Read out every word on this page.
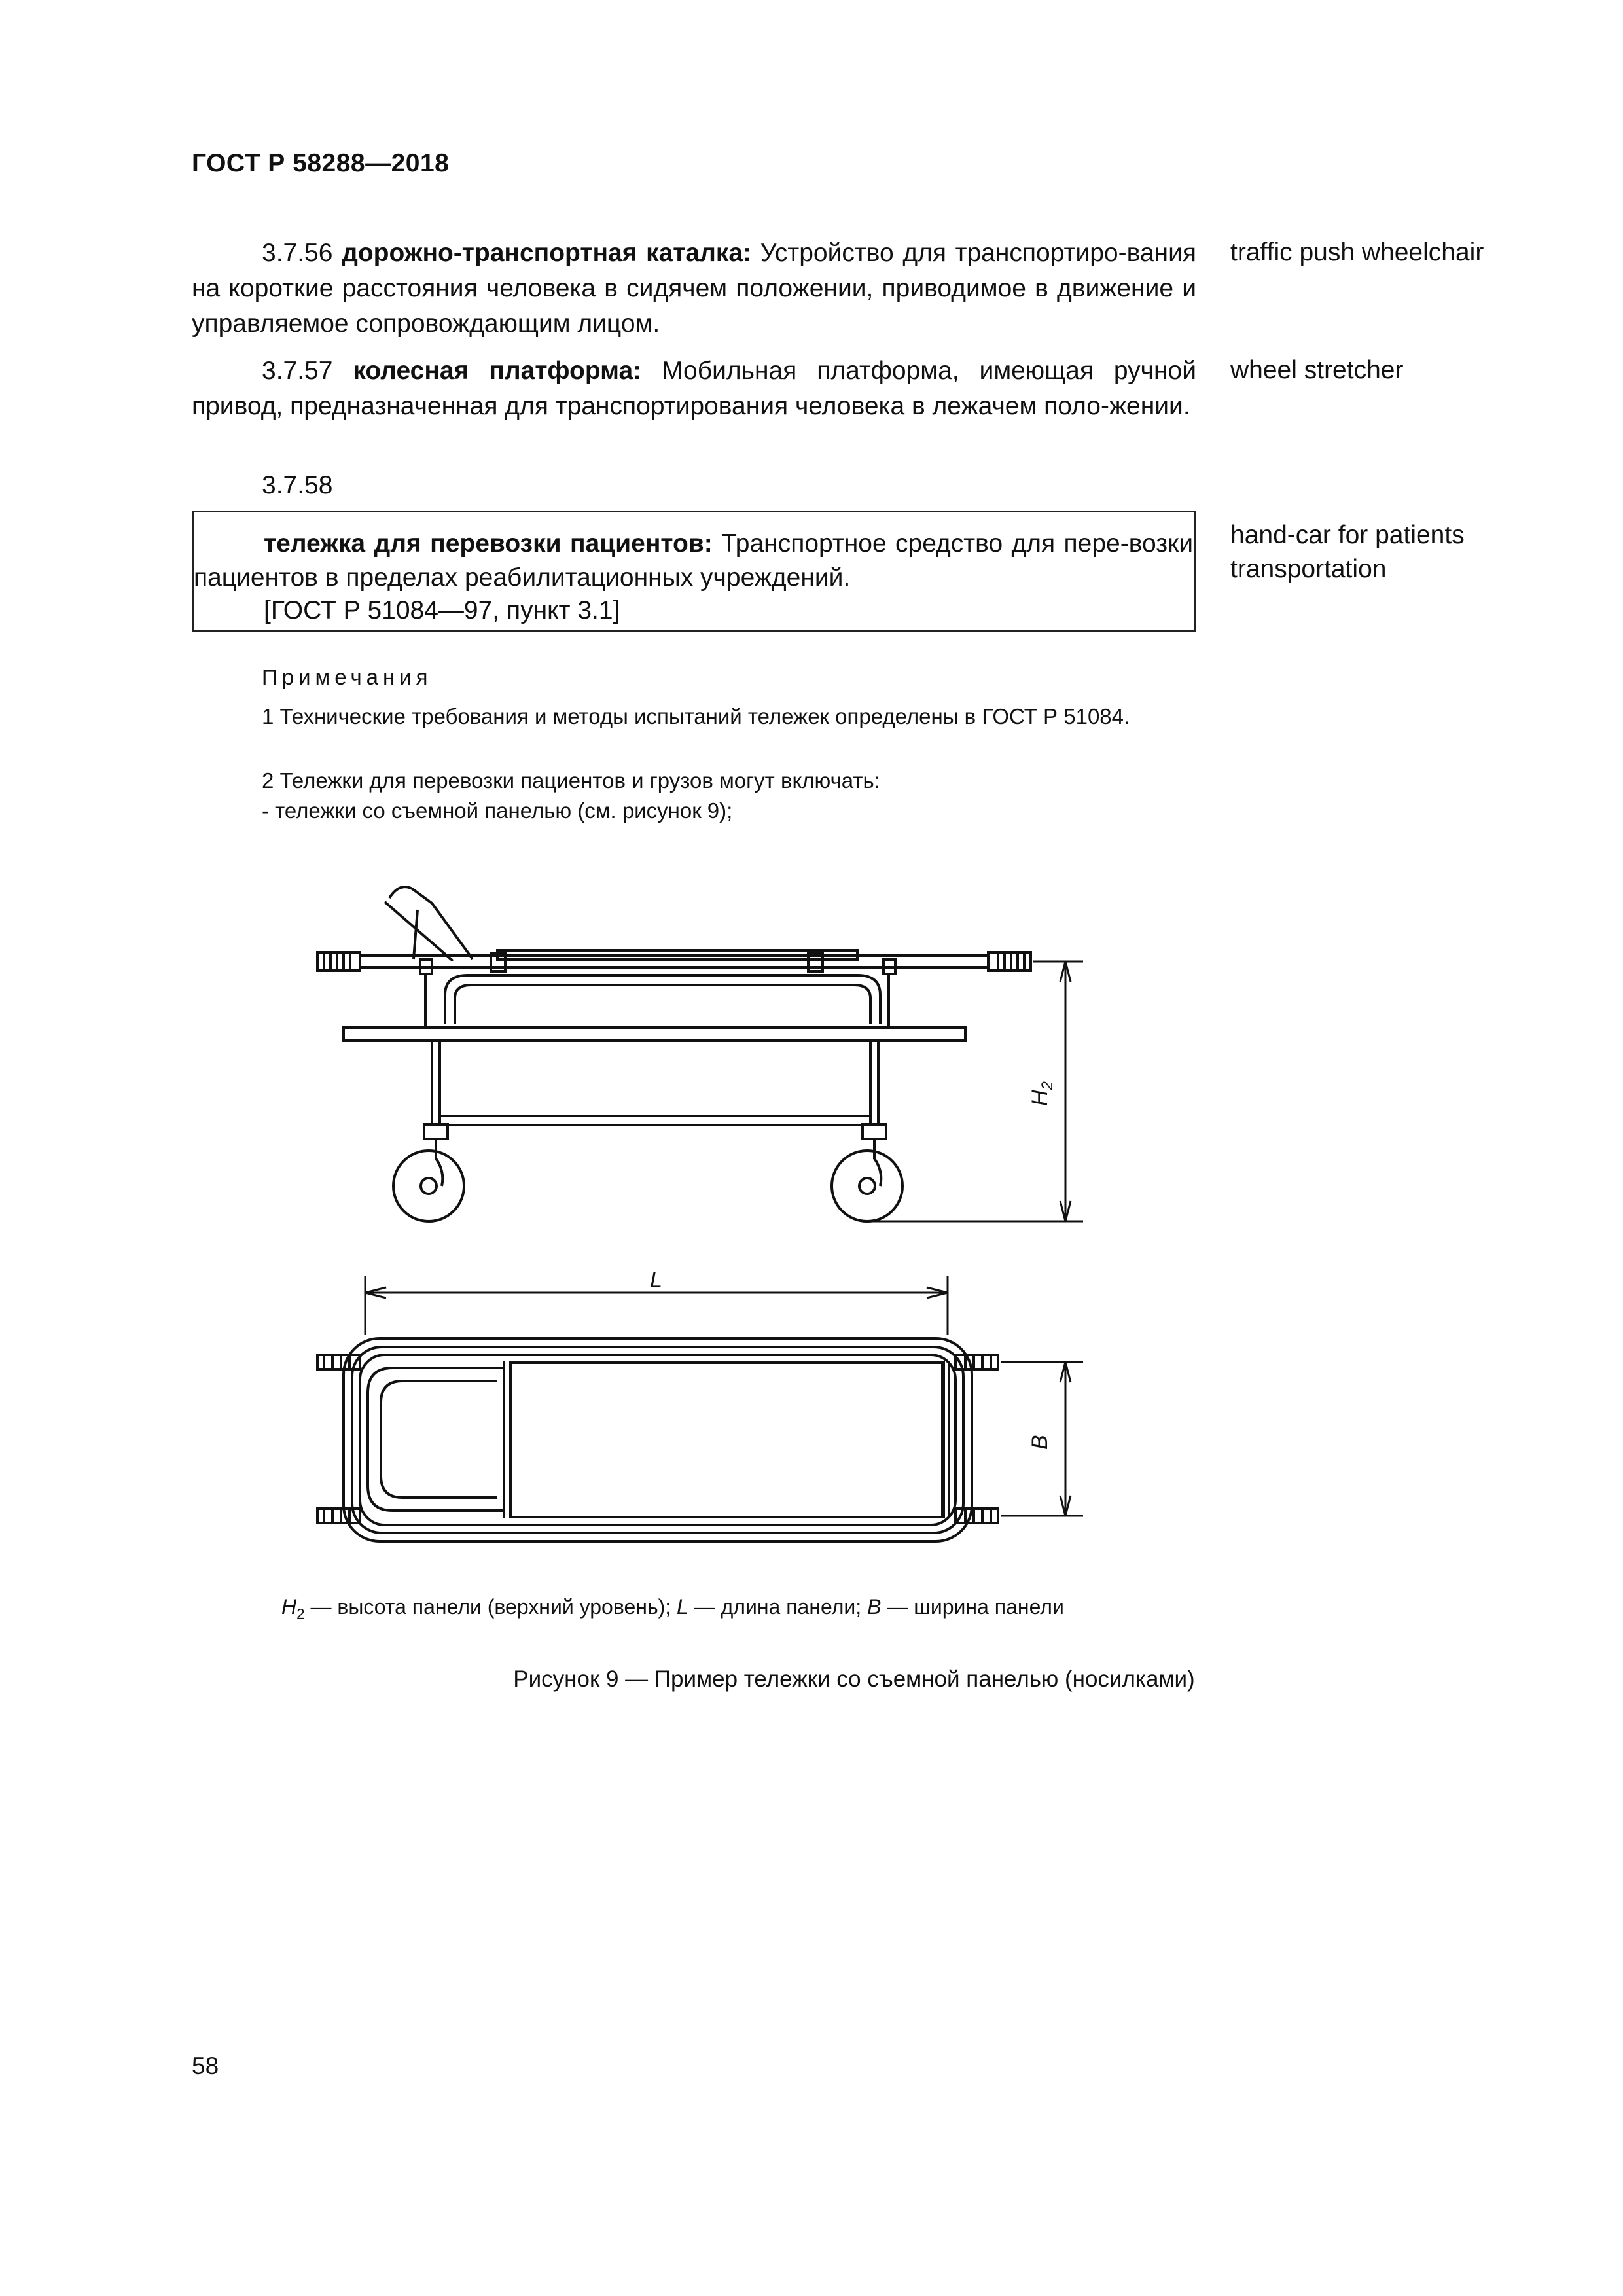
ГОСТ Р 58288—2018
3.7.56 дорожно-транспортная каталка: Устройство для транспортиро-вания на короткие расстояния человека в сидячем положении, приводимое в движение и управляемое сопровождающим лицом.
traffic push wheelchair
3.7.57 колесная платформа: Мобильная платформа, имеющая ручной привод, предназначенная для транспортирования человека в лежачем поло-жении.
wheel stretcher
3.7.58
тележка для перевозки пациентов: Транспортное средство для пере-возки пациентов в пределах реабилитационных учреждений.
[ГОСТ Р 51084—97, пункт 3.1]
hand-car for patients
transportation
Примечания
1 Технические требования и методы испытаний тележек определены в ГОСТ Р 51084.
2 Тележки для перевозки пациентов и грузов могут включать:
- тележки со съемной панелью (см. рисунок 9);
$H_2$
L
B
$H_2$ — высота панели (верхний уровень); L — длина панели; B — ширина панели
Рисунок 9 — Пример тележки со съемной панелью (носилками)
58
